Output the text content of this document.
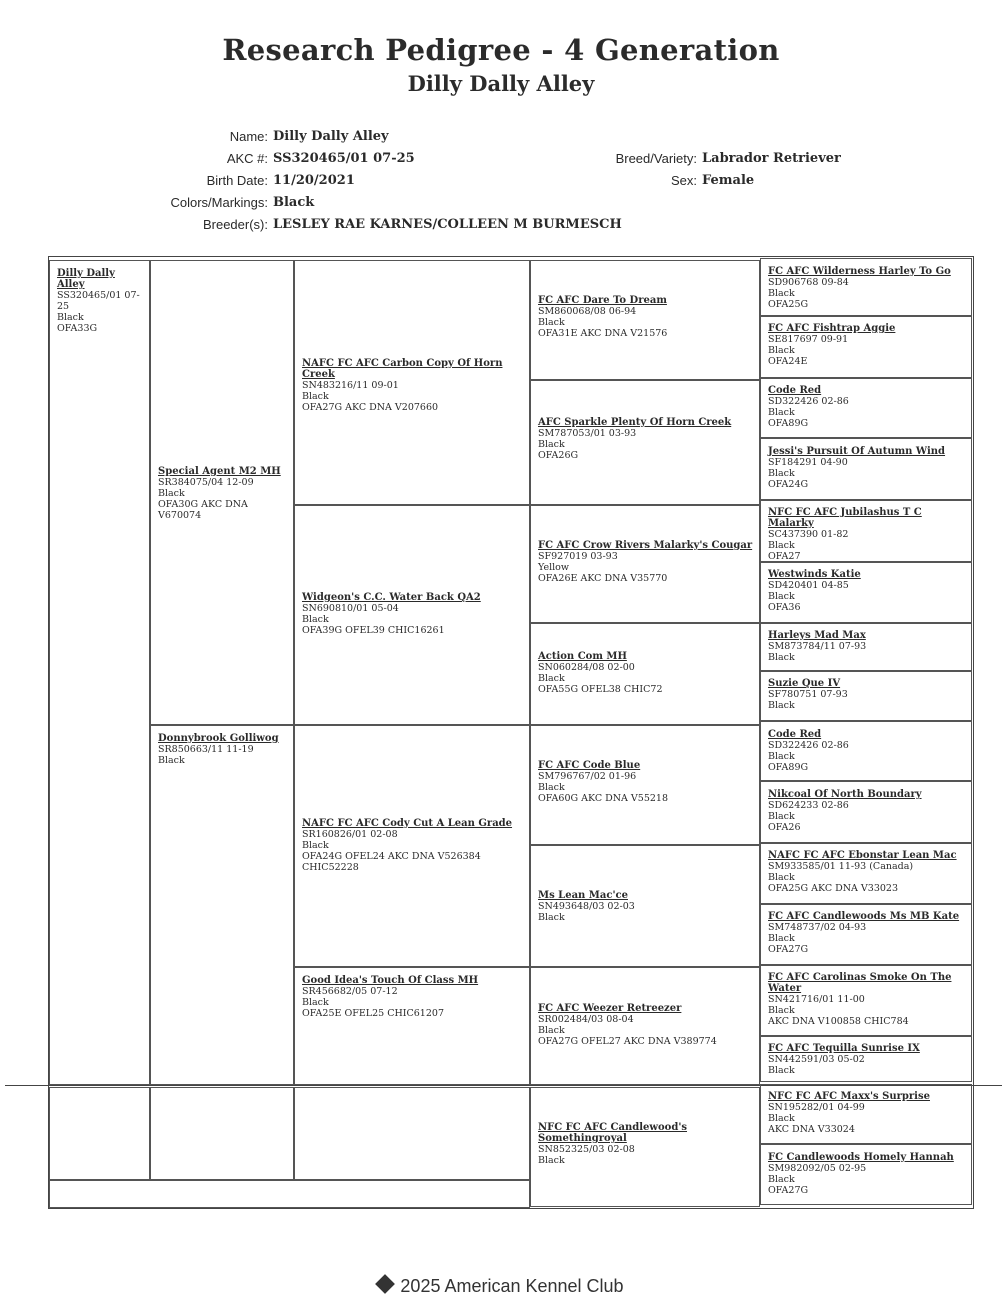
Research Pedigree - 4 Generation
Dilly Dally Alley
Name: Dilly Dally Alley
AKC #: SS320465/01 07-25	Breed/Variety: Labrador Retriever
Birth Date: 11/20/2021	Sex: Female
Colors/Markings: Black
Breeder(s): LESLEY RAE KARNES/COLLEEN M BURMESCH
Dilly Dally Alley
SS320465/01 07-
25
Black
OFA33G
Special Agent M2 MH
SR384075/04 12-09
Black
OFA30G AKC DNA
V670074
Donnybrook Golliwog
SR850663/11 11-19
Black
NAFC FC AFC Carbon Copy Of Horn Creek
SN483216/11 09-01
Black
OFA27G AKC DNA V207660
Widgeon's C.C. Water Back QA2
SN690810/01 05-04
Black
OFA39G OFEL39 CHIC16261
NAFC FC AFC Cody Cut A Lean Grade
SR160826/01 02-08
Black
OFA24G OFEL24 AKC DNA V526384
CHIC52228
Good Idea's Touch Of Class MH
SR456682/05 07-12
Black
OFA25E OFEL25 CHIC61207
FC AFC Dare To Dream
SM860068/08 06-94
Black
OFA31E AKC DNA V21576
AFC Sparkle Plenty Of Horn Creek
SM787053/01 03-93
Black
OFA26G
FC AFC Crow Rivers Malarky's Cougar
SF927019 03-93
Yellow
OFA26E AKC DNA V35770
Action Com MH
SN060284/08 02-00
Black
OFA55G OFEL38 CHIC72
FC AFC Code Blue
SM796767/02 01-96
Black
OFA60G AKC DNA V55218
Ms Lean Mac'ce
SN493648/03 02-03
Black
FC AFC Weezer Retreezer
SR002484/03 08-04
Black
OFA27G OFEL27 AKC DNA V389774
NFC FC AFC Candlewood's Somethingroyal
SN852325/03 02-08
Black
FC AFC Wilderness Harley To Go
SD906768 09-84
Black
OFA25G
FC AFC Fishtrap Aggie
SE817697 09-91
Black
OFA24E
Code Red
SD322426 02-86
Black
OFA89G
Jessi's Pursuit Of Autumn Wind
SF184291 04-90
Black
OFA24G
NFC FC AFC Jubilashus T C Malarky
SC437390 01-82
Black
OFA27
Westwinds Katie
SD420401 04-85
Black
OFA36
Harleys Mad Max
SM873784/11 07-93
Black
Suzie Que IV
SF780751 07-93
Black
Code Red
SD322426 02-86
Black
OFA89G
Nikcoal Of North Boundary
SD624233 02-86
Black
OFA26
NAFC FC AFC Ebonstar Lean Mac
SM933585/01 11-93 (Canada)
Black
OFA25G AKC DNA V33023
FC AFC Candlewoods Ms MB Kate
SM748737/02 04-93
Black
OFA27G
FC AFC Carolinas Smoke On The Water
SN421716/01 11-00
Black
AKC DNA V100858 CHIC784
FC AFC Tequilla Sunrise IX
SN442591/03 05-02
Black
NFC FC AFC Maxx's Surprise
SN195282/01 04-99
Black
AKC DNA V33024
FC Candlewoods Homely Hannah
SM982092/05 02-95
Black
OFA27G
2025 American Kennel Club
